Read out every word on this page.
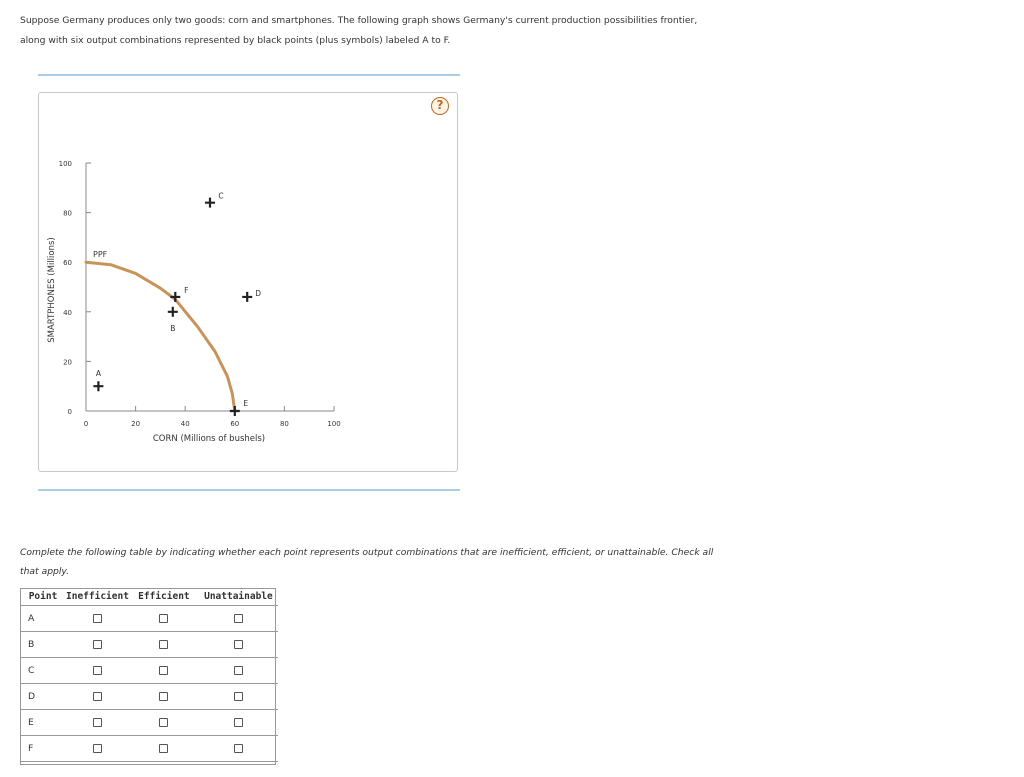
Suppose Germany produces only two goods: corn and smartphones. The following graph shows Germany's current production possibilities frontier,

along with six output combinations represented by black points (plus symbols) labeled A to F.

0
20
40
60
80
100
0	20	40	60	80	100
CORN (Millions of bushels)
SMARTPHONES (Millions)	PPF
A
B
C
D
E
F
?

Complete the following table by indicating whether each point represents output combinations that are inefficient, efficient, or unattainable. Check all

that apply.

Point	Inefficient	Efficient	Unattainable
A			
B			
C			
D			
E			
F			
